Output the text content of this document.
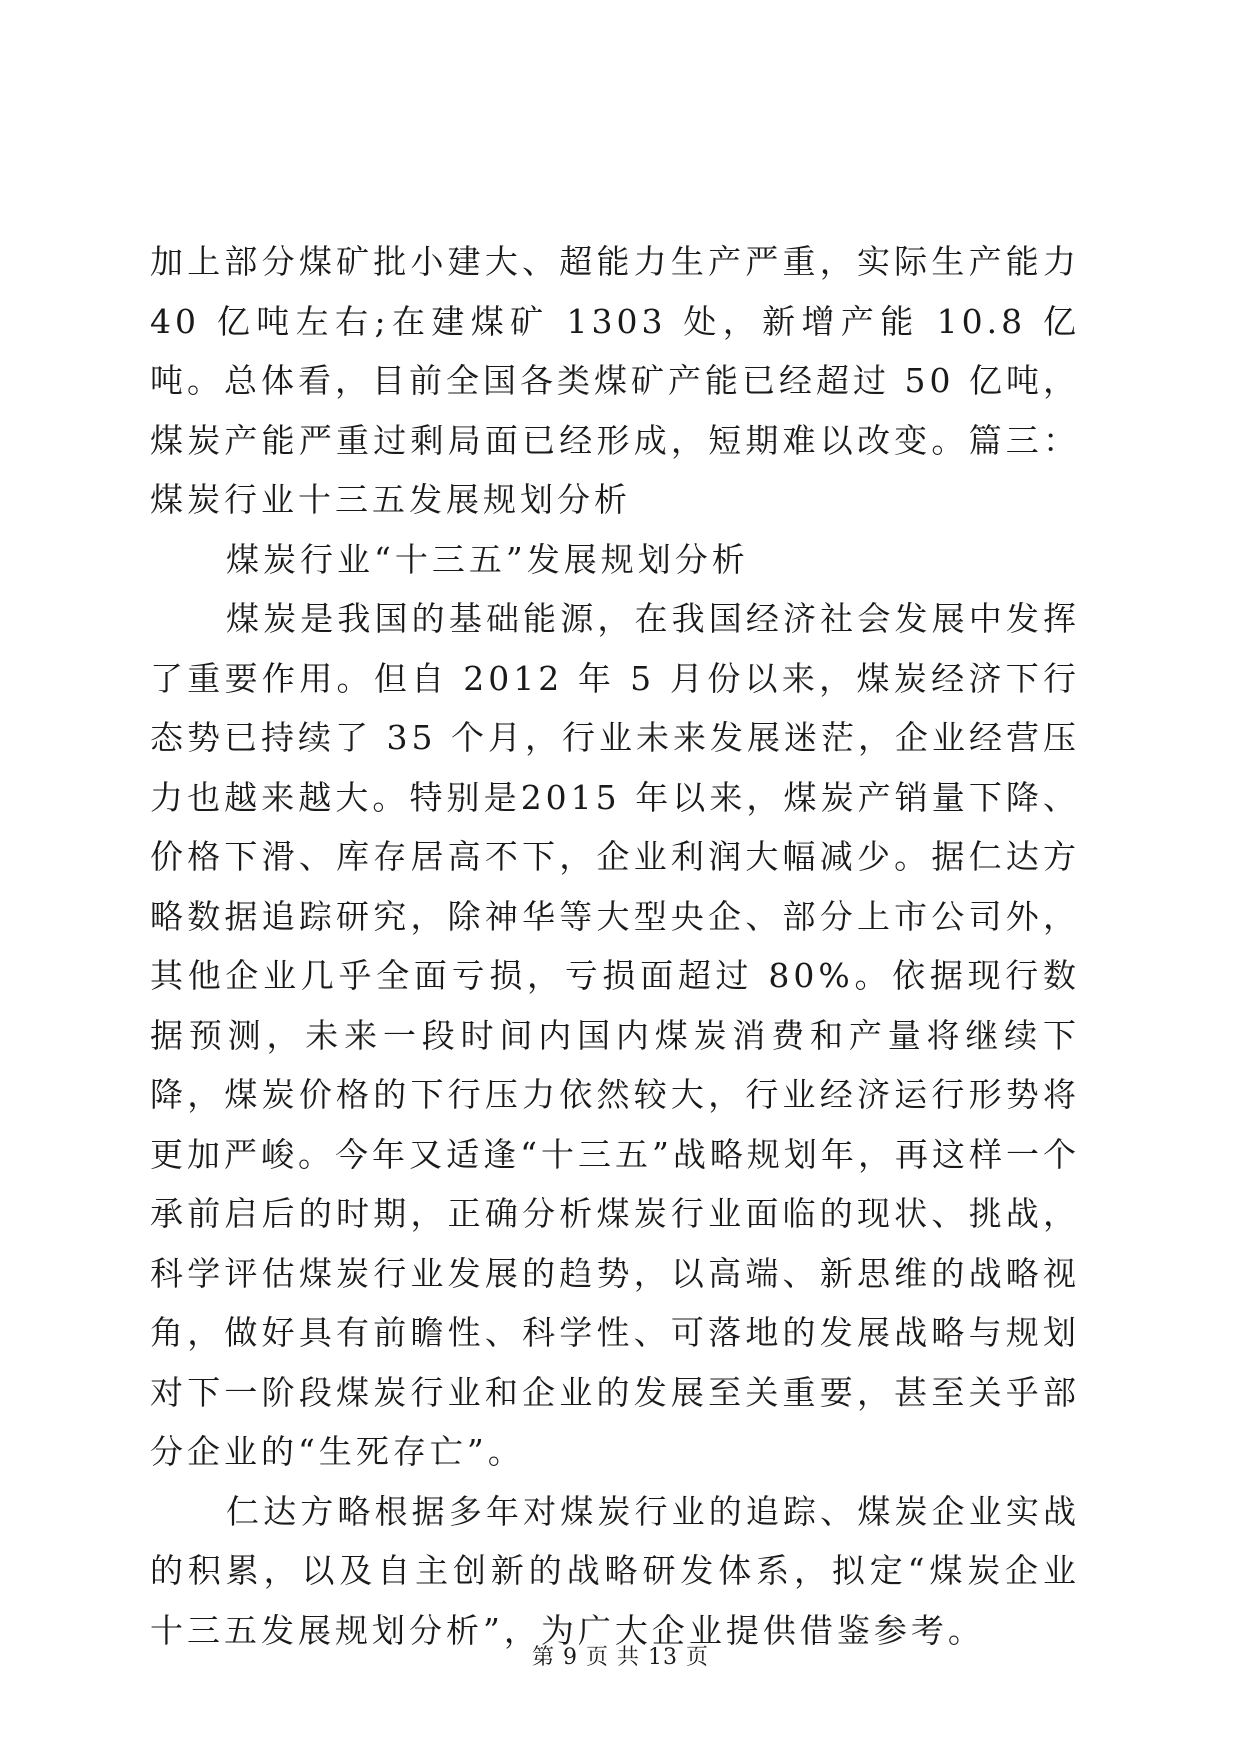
加上部分煤矿批小建大、超能力生产严重，实际生产能力 40 亿吨左右;在建煤矿 1303 处，新增产能 10.8 亿吨。总体看，目前全国各类煤矿产能已经超过 50 亿吨，煤炭产能严重过剩局面已经形成，短期难以改变。篇三：煤炭行业十三五发展规划分析

煤炭行业“十三五”发展规划分析

煤炭是我国的基础能源，在我国经济社会发展中发挥了重要作用。但自 2012 年 5 月份以来，煤炭经济下行态势已持续了 35 个月，行业未来发展迷茫，企业经营压力也越来越大。特别是2015 年以来，煤炭产销量下降、价格下滑、库存居高不下，企业利润大幅减少。据仁达方略数据追踪研究，除神华等大型央企、部分上市公司外，其他企业几乎全面亏损，亏损面超过 80%。依据现行数据预测，未来一段时间内国内煤炭消费和产量将继续下降，煤炭价格的下行压力依然较大，行业经济运行形势将更加严峻。今年又适逢“十三五”战略规划年，再这样一个承前启后的时期，正确分析煤炭行业面临的现状、挑战，科学评估煤炭行业发展的趋势，以高端、新思维的战略视角，做好具有前瞻性、科学性、可落地的发展战略与规划对下一阶段煤炭行业和企业的发展至关重要，甚至关乎部分企业的“生死存亡”。

仁达方略根据多年对煤炭行业的追踪、煤炭企业实战的积累，以及自主创新的战略研发体系，拟定“煤炭企业十三五发展规划分析”，为广大企业提供借鉴参考。

第 9 页 共 13 页
